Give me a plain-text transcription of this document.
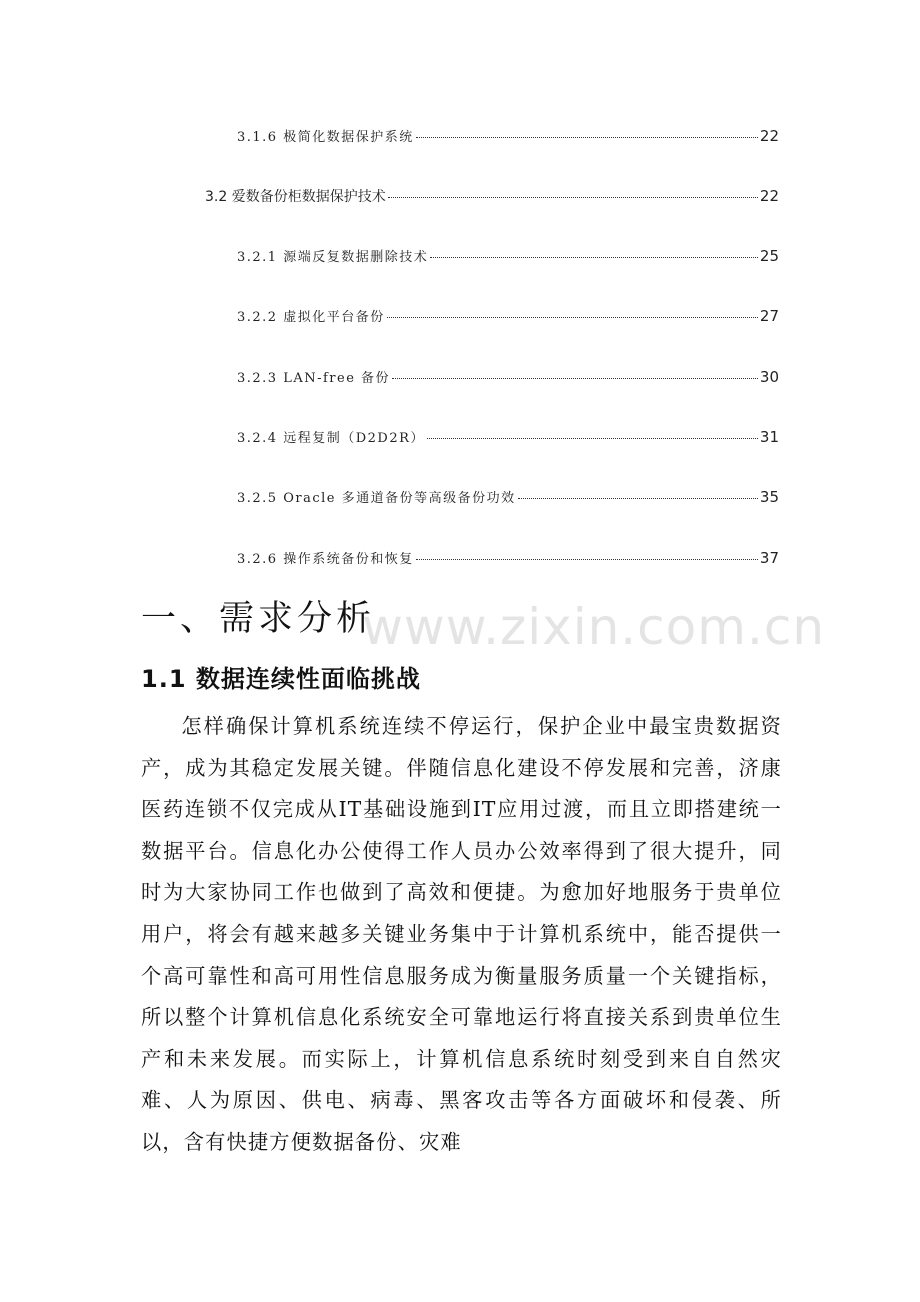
3.1.6 极简化数据保护系统	22
3.2 爱数备份柜数据保护技术	22
3.2.1 源端反复数据删除技术	25
3.2.2 虚拟化平台备份	27
3.2.3 LAN-free 备份	30
3.2.4 远程复制（D2D2R）	31
3.2.5 Oracle 多通道备份等高级备份功效	35
3.2.6 操作系统备份和恢复	37
www.zixin.com.cn
一、需求分析
1.1 数据连续性面临挑战

怎样确保计算机系统连续不停运行，保护企业中最宝贵数据资产，成为其稳定发展关键。伴随信息化建设不停发展和完善，济康医药连锁不仅完成从IT基础设施到IT应用过渡，而且立即搭建统一数据平台。信息化办公使得工作人员办公效率得到了很大提升，同时为大家协同工作也做到了高效和便捷。为愈加好地服务于贵单位用户，将会有越来越多关键业务集中于计算机系统中，能否提供一个高可靠性和高可用性信息服务成为衡量服务质量一个关键指标，所以整个计算机信息化系统安全可靠地运行将直接关系到贵单位生产和未来发展。而实际上，计算机信息系统时刻受到来自自然灾难、人为原因、供电、病毒、黑客攻击等各方面破坏和侵袭、所以，含有快捷方便数据备份、灾难
